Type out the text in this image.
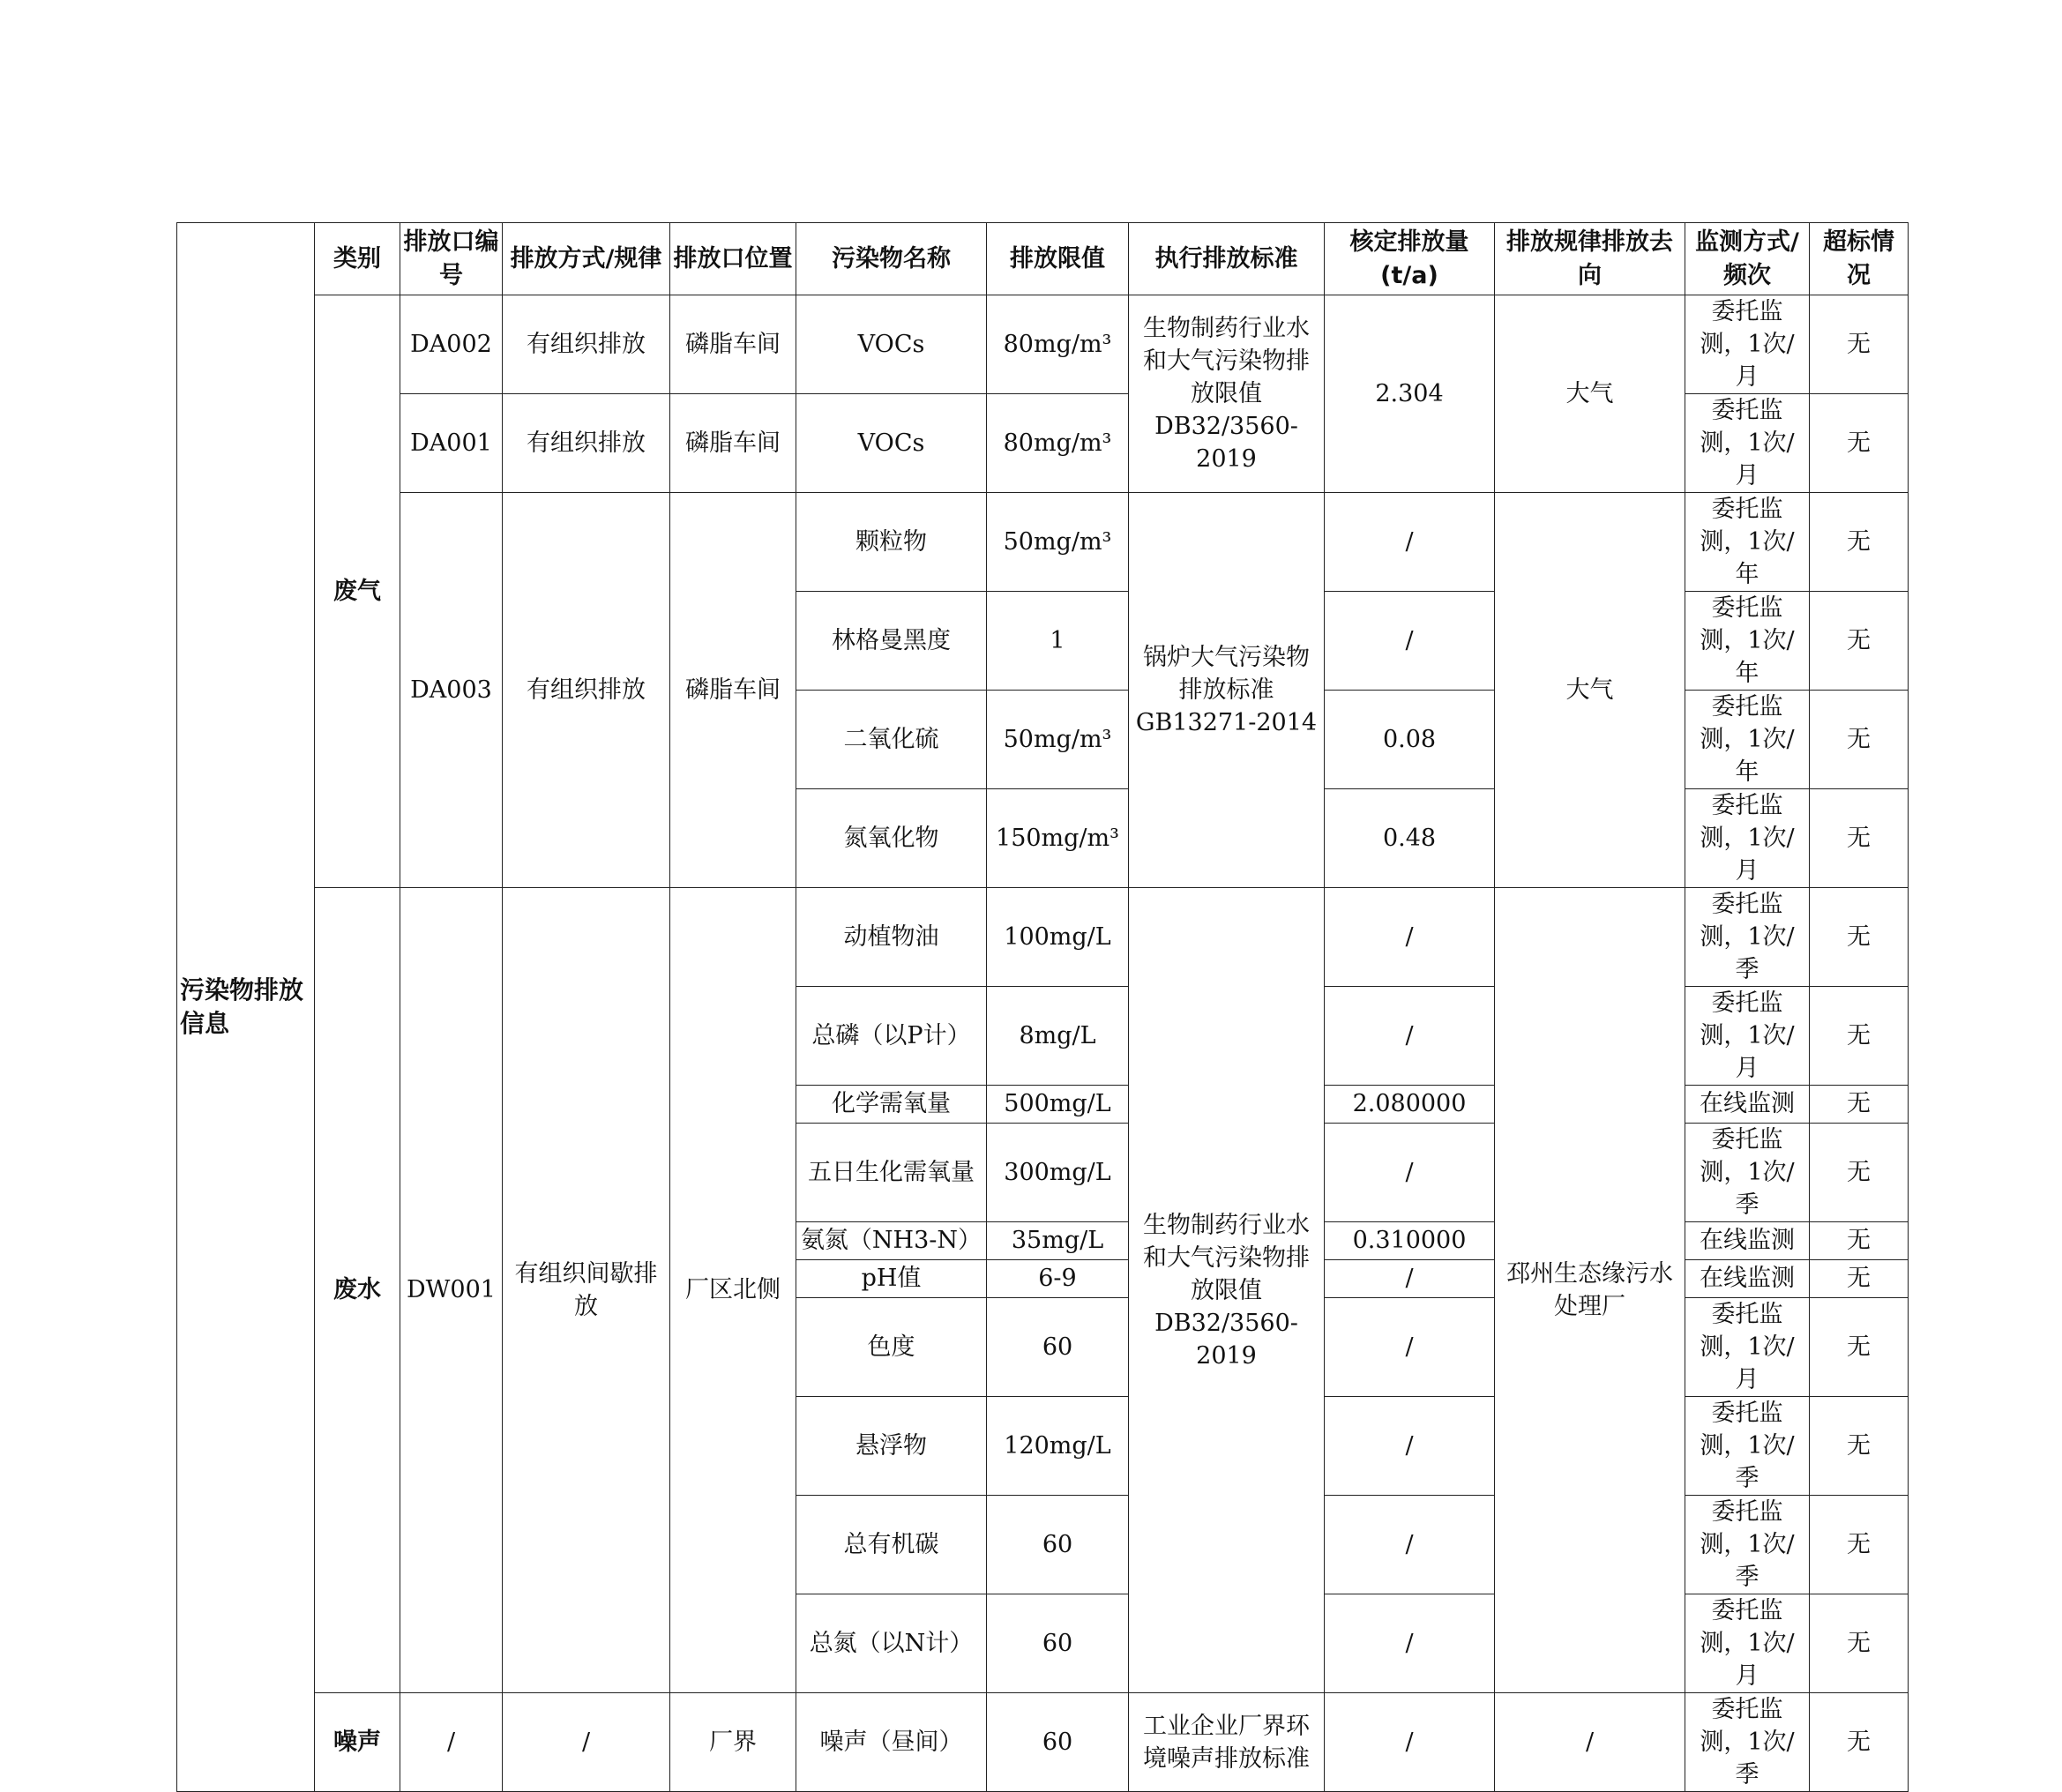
污染物排放信息	类别	排放口编号	排放方式/规律	排放口位置	污染物名称	排放限值	执行排放标准	核定排放量(t/a)	排放规律排放去向	监测方式/频次	超标情况
	废气	DA002	有组织排放	磷脂车间	VOCs	80mg/m³	生物制药行业水和大气污染物排放限值DB32/3560-2019	2.304	大气	委托监测，1次/月	无
		DA001	有组织排放	磷脂车间	VOCs	80mg/m³				委托监测，1次/月	无
		DA003	有组织排放	磷脂车间	颗粒物	50mg/m³	锅炉大气污染物排放标准GB13271-2014	/	大气	委托监测，1次/年	无
					林格曼黑度	1		/		委托监测，1次/年	无
					二氧化硫	50mg/m³		0.08		委托监测，1次/年	无
					氮氧化物	150mg/m³		0.48		委托监测，1次/月	无
	废水	DW001	有组织间歇排放	厂区北侧	动植物油	100mg/L	生物制药行业水和大气污染物排放限值DB32/3560-2019	/	邳州生态缘污水处理厂	委托监测，1次/季	无
					总磷（以P计）	8mg/L		/		委托监测，1次/月	无
					化学需氧量	500mg/L		2.080000		在线监测	无
					五日生化需氧量	300mg/L		/		委托监测，1次/季	无
					氨氮（NH3-N）	35mg/L		0.310000		在线监测	无
					pH值	6-9		/		在线监测	无
					色度	60		/		委托监测，1次/月	无
					悬浮物	120mg/L		/		委托监测，1次/季	无
					总有机碳	60		/		委托监测，1次/季	无
					总氮（以N计）	60		/		委托监测，1次/月	无
	噪声	/	/	厂界	噪声（昼间）	60	工业企业厂界环境噪声排放标准	/	/	委托监测，1次/季	无
